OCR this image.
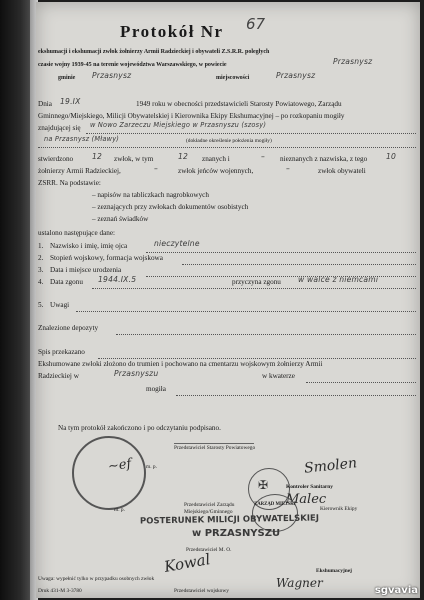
Protokół Nr 67
ekshumacji i ekshumacji zwłok żołnierzy Armii Radzieckiej i obywateli Z.S.R.R. poległych
czasie wojny 1939-45 na terenie województwa Warszawskiego, w powiecie	Przasnysz
gminie Przasnysz	miejscowości	Przasnysz
Dnia 19.IX	1949 roku w obecności przedstawicieli Starosty Powiatowego, Zarządu
Gminnego/Miejskiego, Milicji Obywatelskiej i Kierownika Ekipy Ekshumacyjnej – po rozkopaniu mogiły
znajdującej się w Nowo Zarzeczu Miejskiego w Przasnyszu (szosy)
na Przasnysz (Mławy)	(dokładne określenie położenia mogiły)
stwierdzono 12 zwłok, w tym	12 znanych i	– nieznanych z nazwiska, z tego 10
żołnierzy Armii Radzieckiej,	–	zwłok jeńców wojennych,	–	zwłok obywateli
ZSRR. Na podstawie:
– napisów na tabliczkach nagrobkowych
– zeznających przy zwłokach dokumentów osobistych
– zeznań świadków
ustalono następujące dane:
1. Nazwisko i imię, imię ojca	nieczytelne
2. Stopień wojskowy, formacja wojskowa
3. Data i miejsce urodzenia
4. Data zgonu 1944.IX.5	przyczyna zgonu w walce z niemcami
5. Uwagi
Znalezione depozyty
Spis przekazano
Ekshumowane zwłoki złożono do trumien i pochowano na cmentarzu wojskowym żołnierzy Armii
Radzieckiej w	Przasnyszu	w kwaterze
mogiła
Na tym protokół zakończono i po odczytaniu podpisano.
~ef	m. p.
Przedstawiciel Starosty Powiatowego
✠
Smolen
Kontroler Sanitarny
Malec
m. p.
Przedstawiciel Zarządu
Miejskiego/Gminnego
ZARZĄD MIEJSKI
Kierownik Ekipy
POSTERUNEK MILICJI OBYWATELSKIEJ
w PRZASNYSZU
Przedstawiciel M. O.
Kowal
Uwaga: wypełnić tylko w przypadku osobnych zwłok
Druk 431-M 3-3780
Ekshumacyjnej
Wagner
Przedstawiciel wojskowy	sgvavia
